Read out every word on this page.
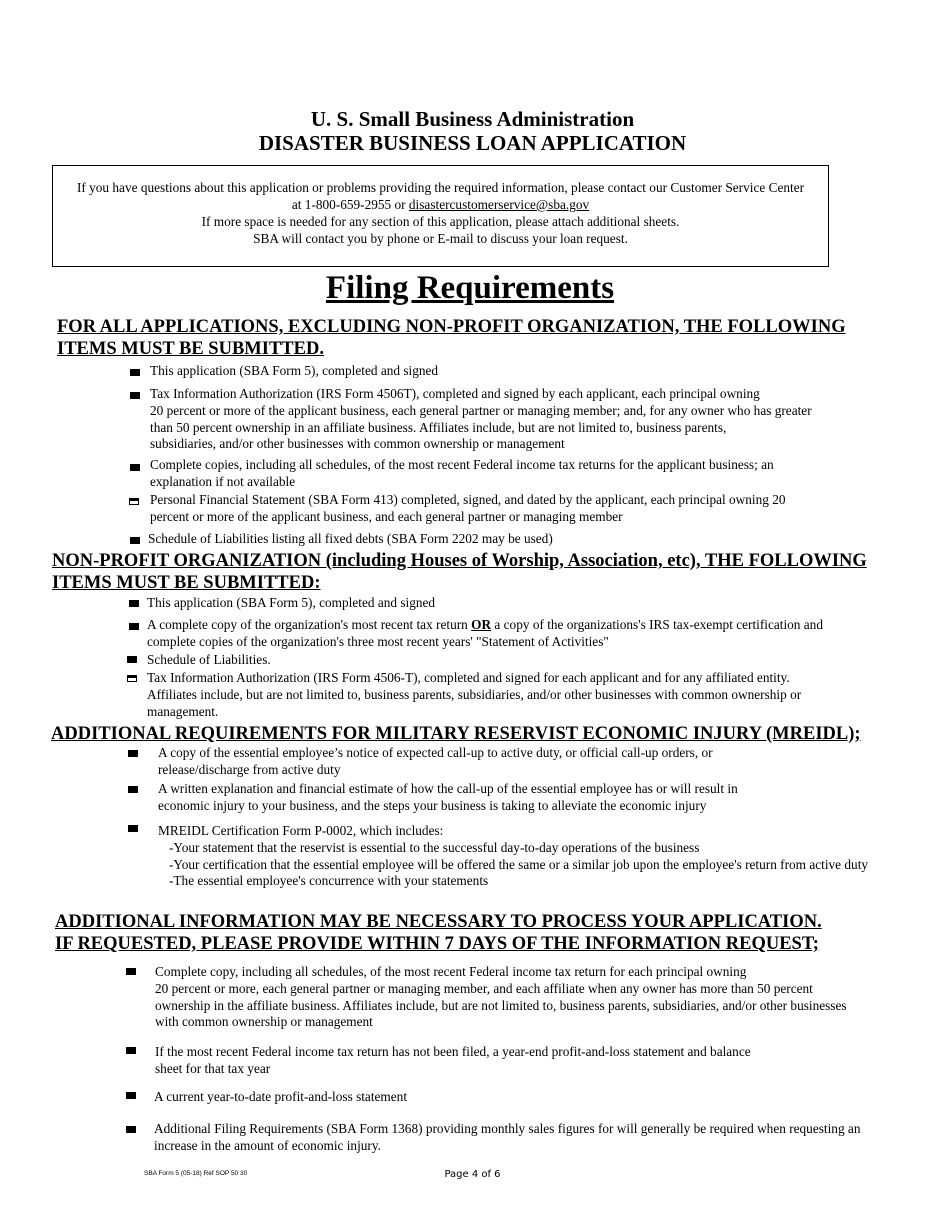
U. S. Small Business Administration
DISASTER BUSINESS LOAN APPLICATION
If you have questions about this application or problems providing the required information, please contact our Customer Service Center
at 1-800-659-2955 or disastercustomerservice@sba.gov
If more space is needed for any section of this application, please attach additional sheets.
SBA will contact you by phone or E-mail to discuss your loan request.
Filing Requirements
FOR ALL APPLICATIONS, EXCLUDING NON-PROFIT ORGANIZATION, THE FOLLOWING
ITEMS MUST BE SUBMITTED.
This application (SBA Form 5), completed and signed
Tax Information Authorization (IRS Form 4506T), completed and signed by each applicant, each principal owning
20 percent or more of the applicant business, each general partner or managing member; and, for any owner who has greater
than 50 percent ownership in an affiliate business. Affiliates include, but are not limited to, business parents,
subsidiaries, and/or other businesses with common ownership or management
Complete copies, including all schedules, of the most recent Federal income tax returns for the applicant business; an
explanation if not available
Personal Financial Statement (SBA Form 413) completed, signed, and dated by the applicant, each principal owning 20
percent or more of the applicant business, and each general partner or managing member
Schedule of Liabilities listing all fixed debts (SBA Form 2202 may be used)
NON-PROFIT ORGANIZATION (including Houses of Worship, Association, etc), THE FOLLOWING
ITEMS MUST BE SUBMITTED:
This application (SBA Form 5), completed and signed
A complete copy of the organization's most recent tax return OR a copy of the organizations's IRS tax-exempt certification and
complete copies of the organization's three most recent years' "Statement of Activities"
Schedule of Liabilities.
Tax Information Authorization (IRS Form 4506-T), completed and signed for each applicant and for any affiliated entity.
Affiliates include, but are not limited to, business parents, subsidiaries, and/or other businesses with common ownership or
management.
ADDITIONAL REQUIREMENTS FOR MILITARY RESERVIST ECONOMIC INJURY (MREIDL);
A copy of the essential employee’s notice of expected call-up to active duty, or official call-up orders, or
release/discharge from active duty
A written explanation and financial estimate of how the call-up of the essential employee has or will result in
economic injury to your business, and the steps your business is taking to alleviate the economic injury
MREIDL Certification Form P-0002, which includes:
-Your statement that the reservist is essential to the successful day-to-day operations of the business
-Your certification that the essential employee will be offered the same or a similar job upon the employee's return from active duty
-The essential employee's concurrence with your statements
ADDITIONAL INFORMATION MAY BE NECESSARY TO PROCESS YOUR APPLICATION.
IF REQUESTED, PLEASE PROVIDE WITHIN 7 DAYS OF THE INFORMATION REQUEST;
Complete copy, including all schedules, of the most recent Federal income tax return for each principal owning
20 percent or more, each general partner or managing member, and each affiliate when any owner has more than 50 percent
ownership in the affiliate business. Affiliates include, but are not limited to, business parents, subsidiaries, and/or other businesses
with common ownership or management
If the most recent Federal income tax return has not been filed, a year-end profit-and-loss statement and balance
sheet for that tax year
A current year-to-date profit-and-loss statement
Additional Filing Requirements (SBA Form 1368) providing monthly sales figures for will generally be required when requesting an
increase in the amount of economic injury.
SBA Form 5 (05-18) Ref SOP 50 30	Page 4 of 6
